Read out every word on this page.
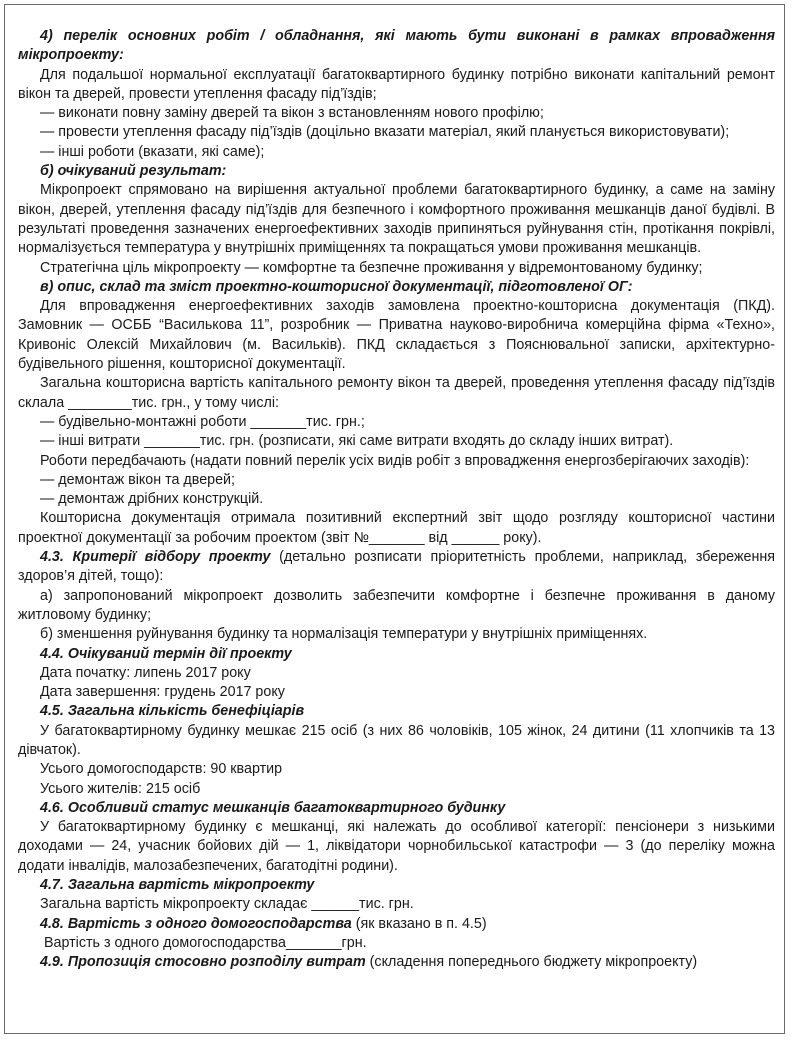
4) перелік основних робіт / обладнання, які мають бути виконані в рамках впровадження мікропроекту:

Для подальшої нормальної експлуатації багатоквартирного будинку потрібно виконати капітальний ремонт вікон та дверей, провести утеплення фасаду під’їздів;

— виконати повну заміну дверей та вікон з встановленням нового профілю;

— провести утеплення фасаду під’їздів (доцільно вказати матеріал, який планується використовувати);

— інші роботи (вказати, які саме);

б) очікуваний результат:

Мікропроект спрямовано на вирішення актуальної проблеми багатоквартирного будинку, а саме на заміну вікон, дверей, утеплення фасаду під’їздів для безпечного і комфортного проживання мешканців даної будівлі. В результаті проведення зазначених енергоефективних заходів припиняться руйнування стін, протікання покрівлі, нормалізується температура у внутрішніх приміщеннях та покращаться умови проживання мешканців.

Стратегічна ціль мікропроекту — комфортне та безпечне проживання у відремонтованому будинку;

в) опис, склад та зміст проектно-кошторисної документації, підготовленої ОГ:

Для впровадження енергоефективних заходів замовлена проектно-кошторисна документація (ПКД). Замовник — ОСББ “Васильковa 11”, розробник — Приватна науково-виробнича комерційна фірма «Техно», Кривоніс Олексій Михайлович (м. Васильків). ПКД складається з Пояснювальної записки, архітектурно-будівельного рішення, кошторисної документації.

Загальна кошторисна вартість капітального ремонту вікон та дверей, проведення утеплення фасаду під’їздів склала ________тис. грн., у тому числі:

— будівельно-монтажні роботи _______тис. грн.;

— інші витрати _______тис. грн. (розписати, які саме витрати входять до складу інших витрат).

Роботи передбачають (надати повний перелік усіх видів робіт з впровадження енергозберігаючих заходів):

— демонтаж вікон та дверей;

— демонтаж дрібних конструкцій.

Кошторисна документація отримала позитивний експертний звіт щодо розгляду кошторисної частини проектної документації за робочим проектом (звіт №_______ від ______ року).

4.3. Критерії відбору проекту (детально розписати пріоритетність проблеми, наприклад, збереження здоров’я дітей, тощо):

а) запропонований мікропроект дозволить забезпечити комфортне і безпечне проживання в даному житловому будинку;

б) зменшення руйнування будинку та нормалізація температури у внутрішніх приміщеннях.

4.4. Очікуваний термін дії проекту

Дата початку: липень 2017 року

Дата завершення: грудень 2017 року

4.5. Загальна кількість бенефіціарів

У багатоквартирному будинку мешкає 215 осіб (з них 86 чоловіків, 105 жінок, 24 дитини (11 хлопчиків та 13 дівчаток).

Усього домогосподарств: 90 квартир

Усього жителів: 215 осіб

4.6. Особливий статус мешканців багатоквартирного будинку

У багатоквартирному будинку є мешканці, які належать до особливої категорії: пенсіонери з низькими доходами — 24, учасник бойових дій — 1, ліквідатори чорнобильської катастрофи — 3 (до переліку можна додати інвалідів, малозабезпечених, багатодітні родини).

4.7. Загальна вартість мікропроекту

Загальна вартість мікропроекту складає ______тис. грн.

4.8. Вартість з одного домогосподарства (як вказано в п. 4.5)

Вартість з одного домогосподарства_______грн.

4.9. Пропозиція стосовно розподілу витрат (складення попереднього бюджету мікропроекту)
